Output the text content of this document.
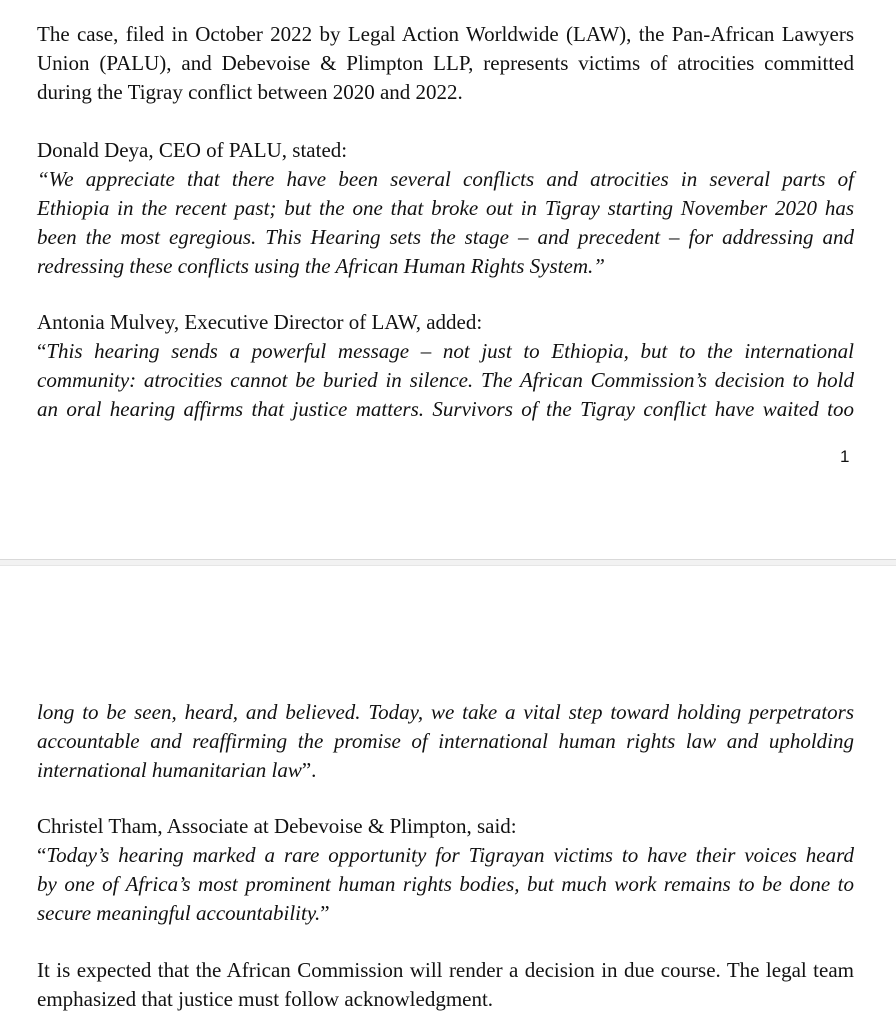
The case, filed in October 2022 by Legal Action Worldwide (LAW), the Pan-African Lawyers
Union (PALU), and Debevoise & Plimpton LLP, represents victims of atrocities committed
during the Tigray conflict between 2020 and 2022.
Donald Deya, CEO of PALU, stated:
“We appreciate that there have been several conflicts and atrocities in several parts of
Ethiopia in the recent past; but the one that broke out in Tigray starting November 2020 has
been the most egregious. This Hearing sets the stage – and precedent – for addressing and
redressing these conflicts using the African Human Rights System.”
Antonia Mulvey, Executive Director of LAW, added:
“This hearing sends a powerful message – not just to Ethiopia, but to the international
community: atrocities cannot be buried in silence. The African Commission’s decision to hold
an oral hearing affirms that justice matters. Survivors of the Tigray conflict have waited too
1
long to be seen, heard, and believed. Today, we take a vital step toward holding perpetrators
accountable and reaffirming the promise of international human rights law and upholding
international humanitarian law”.
Christel Tham, Associate at Debevoise & Plimpton, said:
“Today’s hearing marked a rare opportunity for Tigrayan victims to have their voices heard
by one of Africa’s most prominent human rights bodies, but much work remains to be done to
secure meaningful accountability.”
It is expected that the African Commission will render a decision in due course. The legal team
emphasized that justice must follow acknowledgment.
